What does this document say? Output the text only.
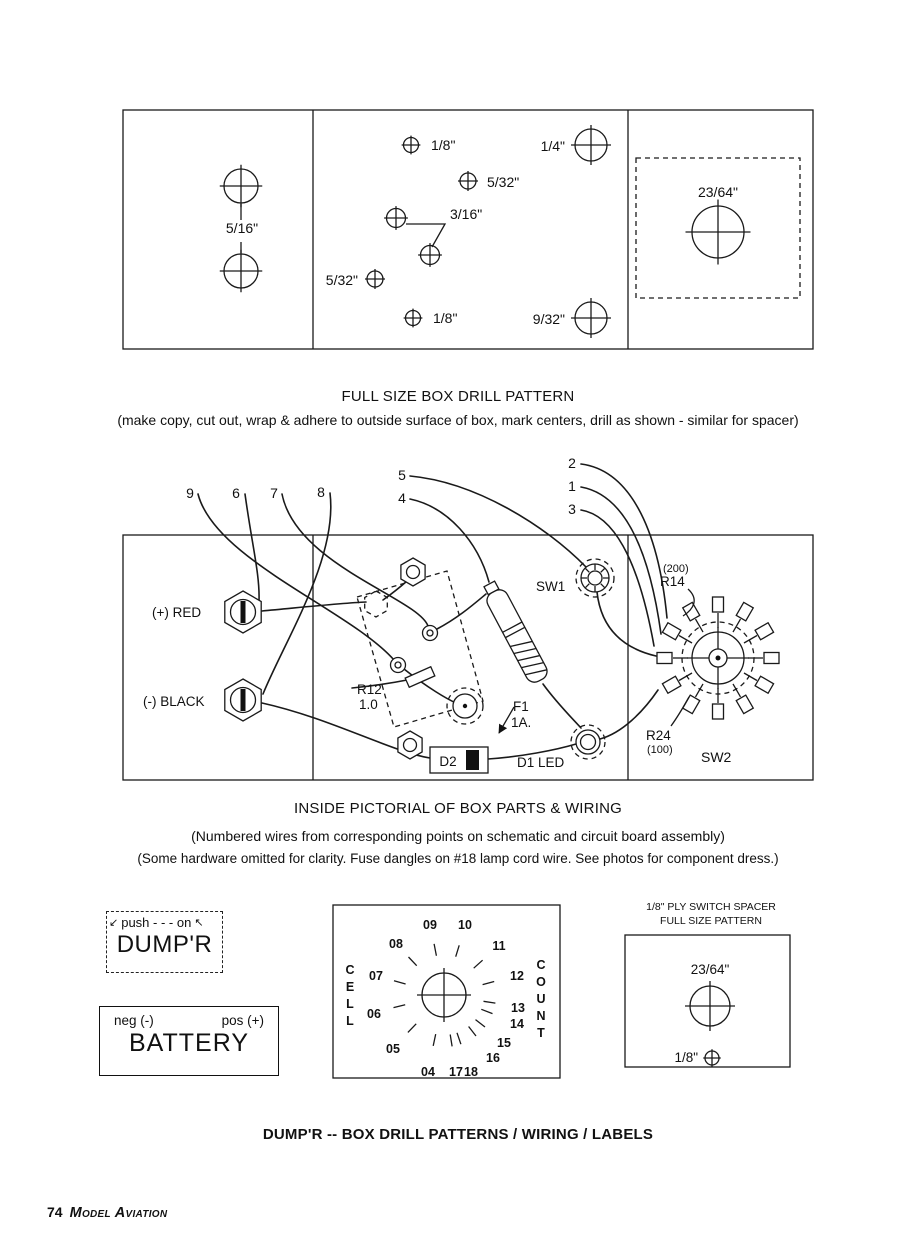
5/16"
1/8"
5/32"
3/16"
5/32"
1/8"
1/4"
9/32"
23/64"
FULL SIZE BOX DRILL PATTERN
(make copy, cut out, wrap & adhere to outside surface of box, mark centers, drill as shown - similar for spacer)
9	6 7	8
5
4
2
1
3
D2
(+) RED
(-) BLACK
R12
1.0
SW1
F1
1A.
D1 LED
(200)
R14
R24
(100) SW2
INSIDE PICTORIAL OF BOX PARTS & WIRING
(Numbered wires from corresponding points on schematic and circuit board assembly)
(Some hardware omitted for clarity. Fuse dangles on #18 lamp cord wire. See photos for component dress.)
↙ push - - - on ↖
DUMP'R
neg (-)	pos (+)
BATTERY
09 10
08	11
07	12
06	13
14
05	15
16
04 17 18
CELL	COUNT
1/8" PLY SWITCH SPACER
FULL SIZE PATTERN
23/64"
1/8"
DUMP'R -- BOX DRILL PATTERNS / WIRING / LABELS
74 Model Aviation
